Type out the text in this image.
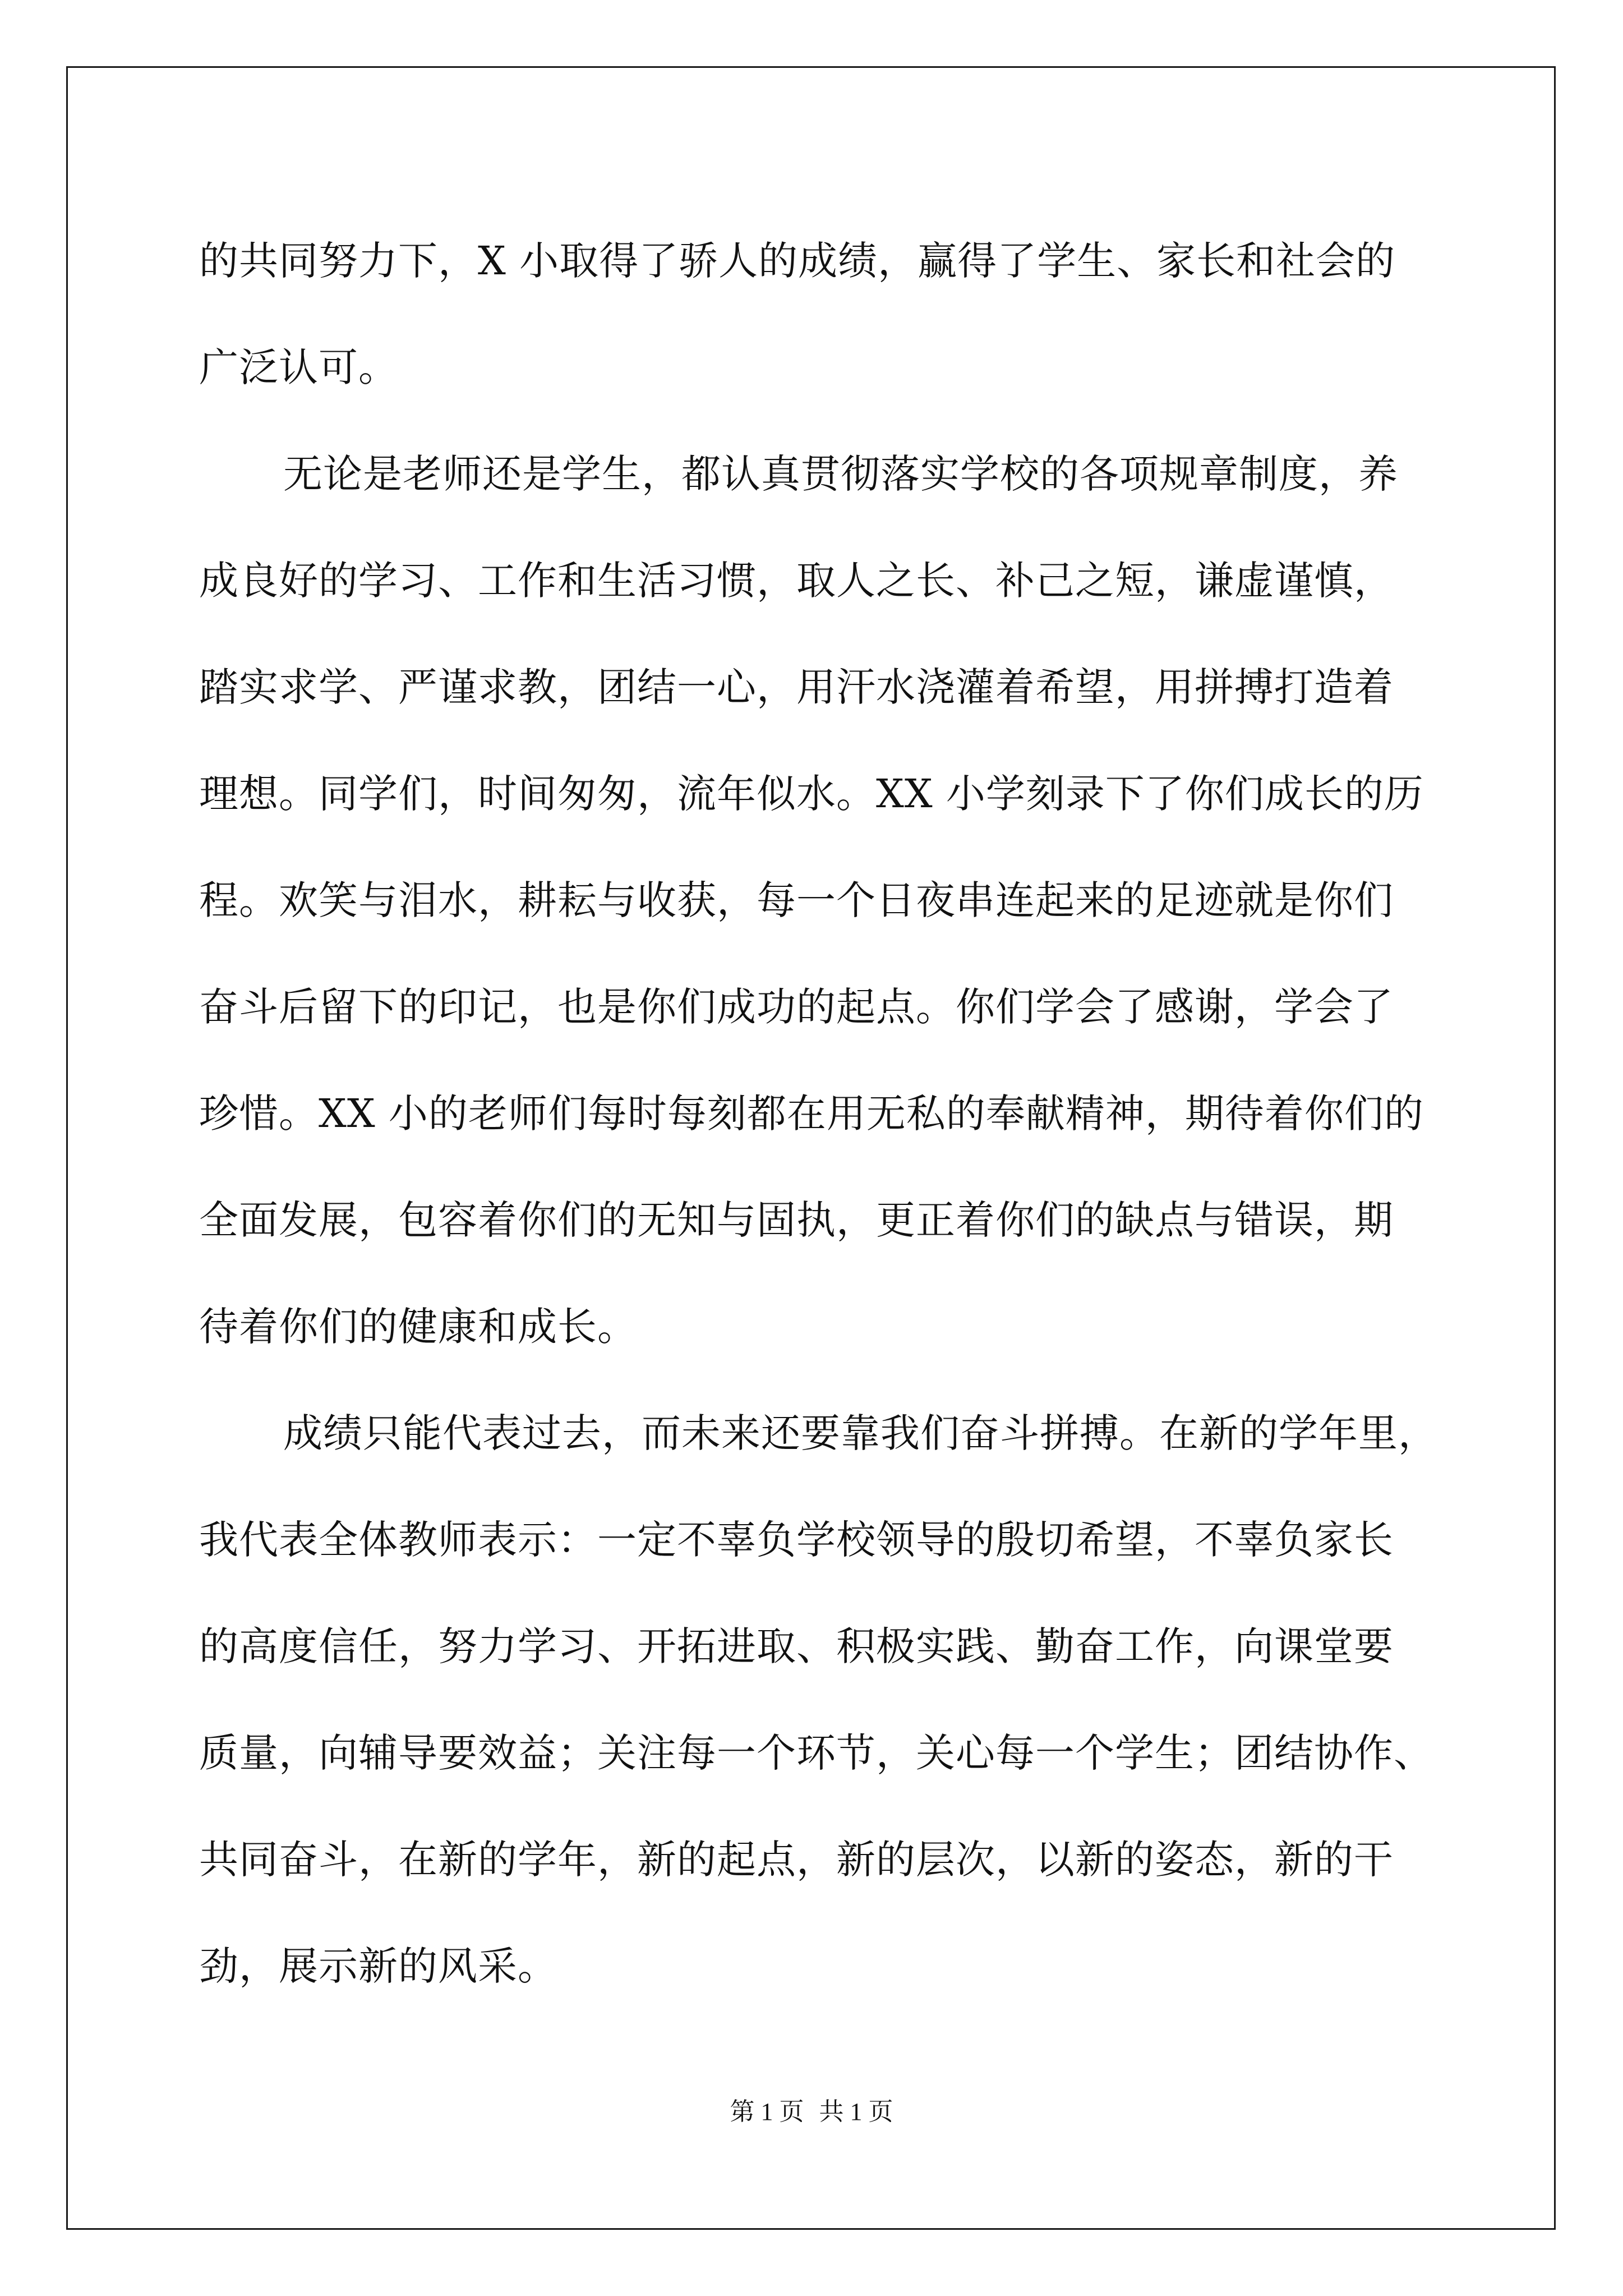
的共同努力下，X 小取得了骄人的成绩，赢得了学生、家长和社会的
广泛认可。
无论是老师还是学生，都认真贯彻落实学校的各项规章制度，养
成良好的学习、工作和生活习惯，取人之长、补己之短，谦虚谨慎，
踏实求学、严谨求教，团结一心，用汗水浇灌着希望，用拼搏打造着
理想。同学们，时间匆匆，流年似水。XX 小学刻录下了你们成长的历
程。欢笑与泪水，耕耘与收获，每一个日夜串连起来的足迹就是你们
奋斗后留下的印记，也是你们成功的起点。你们学会了感谢，学会了
珍惜。XX 小的老师们每时每刻都在用无私的奉献精神，期待着你们的
全面发展，包容着你们的无知与固执，更正着你们的缺点与错误，期
待着你们的健康和成长。
成绩只能代表过去，而未来还要靠我们奋斗拼搏。在新的学年里，
我代表全体教师表示：一定不辜负学校领导的殷切希望，不辜负家长
的高度信任，努力学习、开拓进取、积极实践、勤奋工作，向课堂要
质量，向辅导要效益；关注每一个环节，关心每一个学生；团结协作、
共同奋斗，在新的学年，新的起点，新的层次，以新的姿态，新的干
劲，展示新的风采。
第 1 页 共 1 页
